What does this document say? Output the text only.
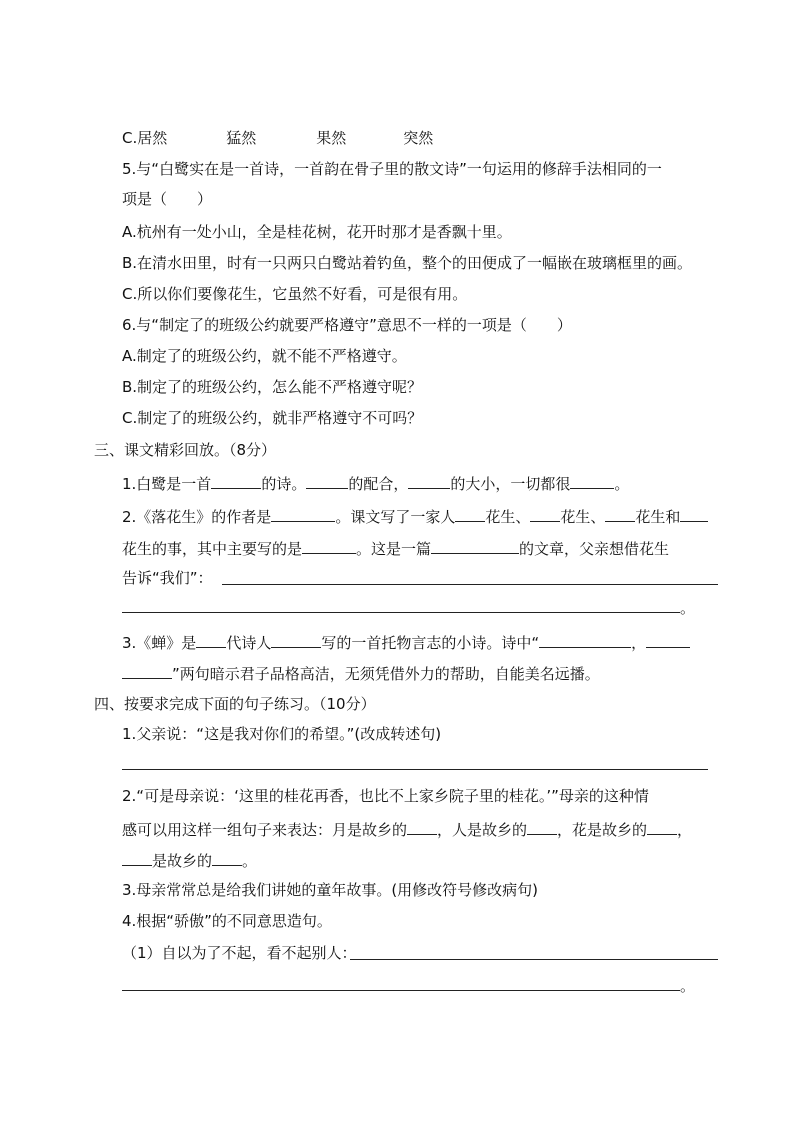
C.居然	猛然	果然	突然
5.与“白鹭实在是一首诗，一首韵在骨子里的散文诗”一句运用的修辞手法相同的一
项是（　　）
A.杭州有一处小山，全是桂花树，花开时那才是香飘十里。
B.在清水田里，时有一只两只白鹭站着钓鱼，整个的田便成了一幅嵌在玻璃框里的画。
C.所以你们要像花生，它虽然不好看，可是很有用。
6.与“制定了的班级公约就要严格遵守”意思不一样的一项是（　　）
A.制定了的班级公约，就不能不严格遵守。
B.制定了的班级公约，怎么能不严格遵守呢？
C.制定了的班级公约，就非严格遵守不可吗？
三、课文精彩回放。（8分）
1.白鹭是一首	的诗。	的配合，	的大小，一切都很	。
2.《落花生》的作者是	。课文写了一家人 花生、 花生、 花生和
花生的事，其中主要写的是	。这是一篇	的文章，父亲想借花生
告诉“我们”：
。
3.《蝉》是 代诗人	写的一首托物言志的小诗。诗中“	，
”两句暗示君子品格高洁，无须凭借外力的帮助，自能美名远播。
四、按要求完成下面的句子练习。（10分）
1.父亲说：“这是我对你们的希望。”(改成转述句)
2.“可是母亲说：‘这里的桂花再香，也比不上家乡院子里的桂花。’”母亲的这种情
感可以用这样一组句子来表达：月是故乡的 ，人是故乡的 ，花是故乡的 ，
是故乡的 。
3.母亲常常总是给我们讲她的童年故事。(用修改符号修改病句)
4.根据“骄傲”的不同意思造句。
（1）自以为了不起，看不起别人：
。
